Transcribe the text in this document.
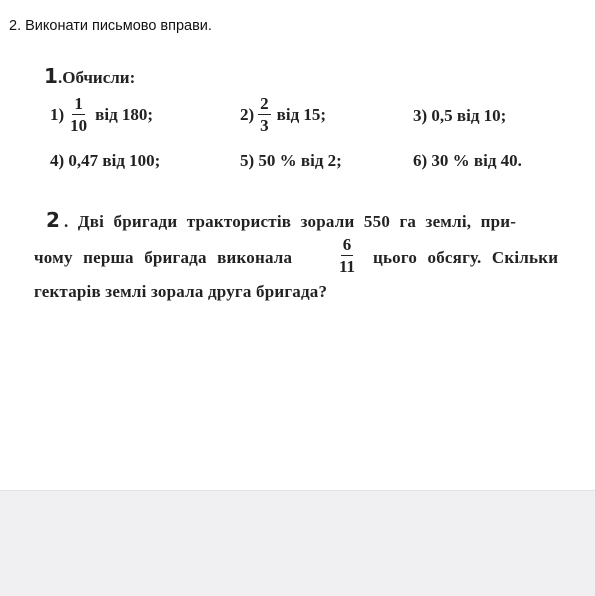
2. Виконати письмово вправи.
1 .Обчисли:
$1) \frac{1}{10}$ від 180;	$2) \frac{2}{3}$ від 15;	3) 0,5 від 10;
4) 0,47 від 100;	5) 50 % від 2;	6) 30 % від 40.
2 . Дві бригади трактористів зорали 550 га землі, при-
чому перша бригада виконала	$\frac{6}{11}$ цього обсягу. Скільки
гектарів землі зорала друга бригада?
